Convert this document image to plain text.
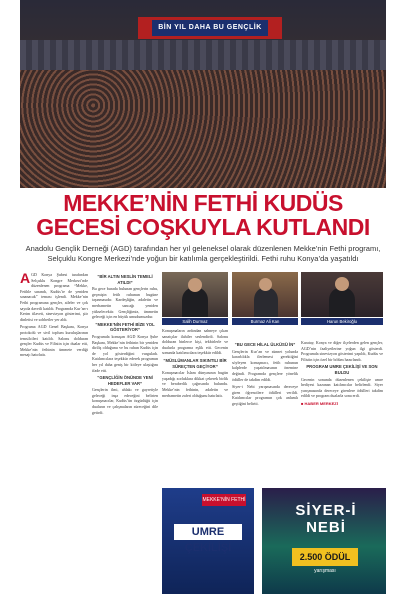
BİN YIL DAHA BU GENÇLİK
MEKKE’NİN FETHİ KUDÜS
GECESİ COŞKUYLA KUTLANDI

Anadolu Gençlik Derneği (AGD) tarafından her yıl geleneksel olarak düzenlenen Mekke’nin Fethi programı, Selçuklu Kongre Merkezi’nde yoğun bir katılımla gerçekleştirildi. Fethi ruhu Konya’da yaşatıldı

AGD Konya Şubesi tarafından Selçuklu Kongre Merkezi’nde düzenlenen programa “Mekke, Fetihle sınandı, Kudüs’te de yeniden sınanacak” teması işlendi. Mekke’nin Fethi programına gençler, aileler ve çok sayıda davetli katıldı. Programda Kur’an-ı Kerim tilaveti, sinevizyon gösterimi, şiir dinletisi ve sohbetler yer aldı.

Programa AGD Genel Başkanı, Konya protokolü ve sivil toplum kuruluşlarının temsilcileri katıldı. Salonu dolduran gençler Kudüs ve Filistin için dualar etti, Mekke’nin fethinin ümmete verdiği mesajı hatırlattı.

“BİR ALTIN NESLİN TEMELİ ATILDI”

Bu gece burada bulunan gençlerin ruhu, geçmişin fetih ruhunun bugüne taşınmasıdır. Kardeşliğin, adaletin ve merhametin sancağı yeniden yükselecektir. Gençliğimiz, ümmetin geleceği için en büyük umudumuzdur.

“MEKKE’NİN FETHİ BİZE YOL GÖSTERİYOR”

Programda konuşan AGD Konya Şube Başkanı, Mekke’nin fethinin bir yeniden diriliş olduğunu ve bu ruhun Kudüs için de yol gösterdiğini vurguladı. Katılımcılara teşekkür ederek programın her yıl daha geniş bir kitleye ulaştığını ifade etti.

“GENÇLİĞİN ÖNÜNDE YENİ HEDEFLER VAR”

Gençlerin ilmi, ahlakı ve gayretiyle geleceği inşa edeceğini belirten konuşmacılar, Kudüs’ün özgürlüğü için duaların ve çalışmaların süreceğini dile getirdi.

Salih Durmaz	Burmaz Ali Kan	Harun Bekiroğlu

Konuşmaların ardından sahneye çıkan sanatçılar ilahiler seslendirdi. Salonu dolduran binlerce kişi, tekbirlerle ve dualarla programa eşlik etti. Gecenin sonunda katılımcılara teşekkür edildi.

“MÜSLÜMANLAR SIKINTILI BİR SÜREÇTEN GEÇİYOR”

Konuşmacılar İslam dünyasının bugün yaşadığı zorluklara dikkat çekerek birlik ve beraberlik çağrısında bulundu. Mekke’nin fethinin, adaletin ve merhametin zaferi olduğunu hatırlattı.

“BU GECE HİLAL ÜLKÜSÜ İN”

Gençlerin Kur’an ve sünnet yolunda kararlılıkla ilerlemesi gerektiğini söyleyen konuşmacı, fetih ruhunun kalplerde yaşatılmasının önemine değindi. Programda gençlere yönelik ödüller de takdim edildi.

Siyer-i Nebi yarışmasında dereceye giren öğrencilere ödülleri verildi. Katılımcılar programın çok anlamlı geçtiğini belirtti.

Karatay, Konya ve diğer ilçelerden gelen gençler, AGD’nin faaliyetlerine yoğun ilgi gösterdi. Programda sinevizyon gösterimi yapıldı, Kudüs ve Filistin için özel bir bölüm hazırlandı.

PROGRAM UMRE ÇEKİLİŞİ VE SON BULDU

Gecenin sonunda düzenlenen çekilişte umre hediyesi kazanan katılımcılar belirlendi. Siyer yarışmasında dereceye girenlere ödülleri takdim edildi ve program dualarla sona erdi.

■ HABER MERKEZİ

MEKKE’NİN FETHİ
UMRE ÇEKİLİŞİ
SİYER-İ NEBİ
2.500 ÖDÜL
yarışması
